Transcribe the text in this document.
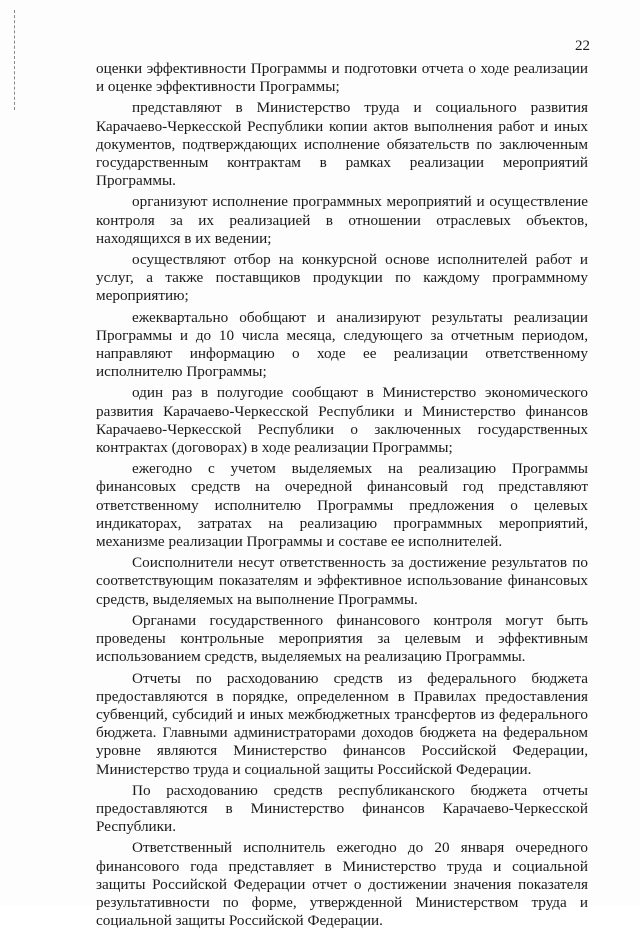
22

оценки эффективности Программы и подготовки отчета о ходе реализации и оценке эффективности Программы;

представляют в Министерство труда и социального развития Карачаево-Черкесской Республики копии актов выполнения работ и иных документов, подтверждающих исполнение обязательств по заключенным государственным контрактам в рамках реализации мероприятий Программы.

организуют исполнение программных мероприятий и осуществление контроля за их реализацией в отношении отраслевых объектов, находящихся в их ведении;

осуществляют отбор на конкурсной основе исполнителей работ и услуг, а также поставщиков продукции по каждому программному мероприятию;

ежеквартально обобщают и анализируют результаты реализации Программы и до 10 числа месяца, следующего за отчетным периодом, направляют информацию о ходе ее реализации ответственному исполнителю Программы;

один раз в полугодие сообщают в Министерство экономического развития Карачаево-Черкесской Республики и Министерство финансов Карачаево-Черкесской Республики о заключенных государственных контрактах (договорах) в ходе реализации Программы;

ежегодно с учетом выделяемых на реализацию Программы финансовых средств на очередной финансовый год представляют ответственному исполнителю Программы предложения о целевых индикаторах, затратах на реализацию программных мероприятий, механизме реализации Программы и составе ее исполнителей.

Соисполнители несут ответственность за достижение результатов по соответствующим показателям и эффективное использование финансовых средств, выделяемых на выполнение Программы.

Органами государственного финансового контроля могут быть проведены контрольные мероприятия за целевым и эффективным использованием средств, выделяемых на реализацию Программы.

Отчеты по расходованию средств из федерального бюджета предоставляются в порядке, определенном в Правилах предоставления субвенций, субсидий и иных межбюджетных трансфертов из федерального бюджета. Главными администраторами доходов бюджета на федеральном уровне являются Министерство финансов Российской Федерации, Министерство труда и социальной защиты Российской Федерации.

По расходованию средств республиканского бюджета отчеты предоставляются в Министерство финансов Карачаево-Черкесской Республики.

Ответственный исполнитель ежегодно до 20 января очередного финансового года представляет в Министерство труда и социальной защиты Российской Федерации отчет о достижении значения показателя результативности по форме, утвержденной Министерством труда и социальной защиты Российской Федерации.
